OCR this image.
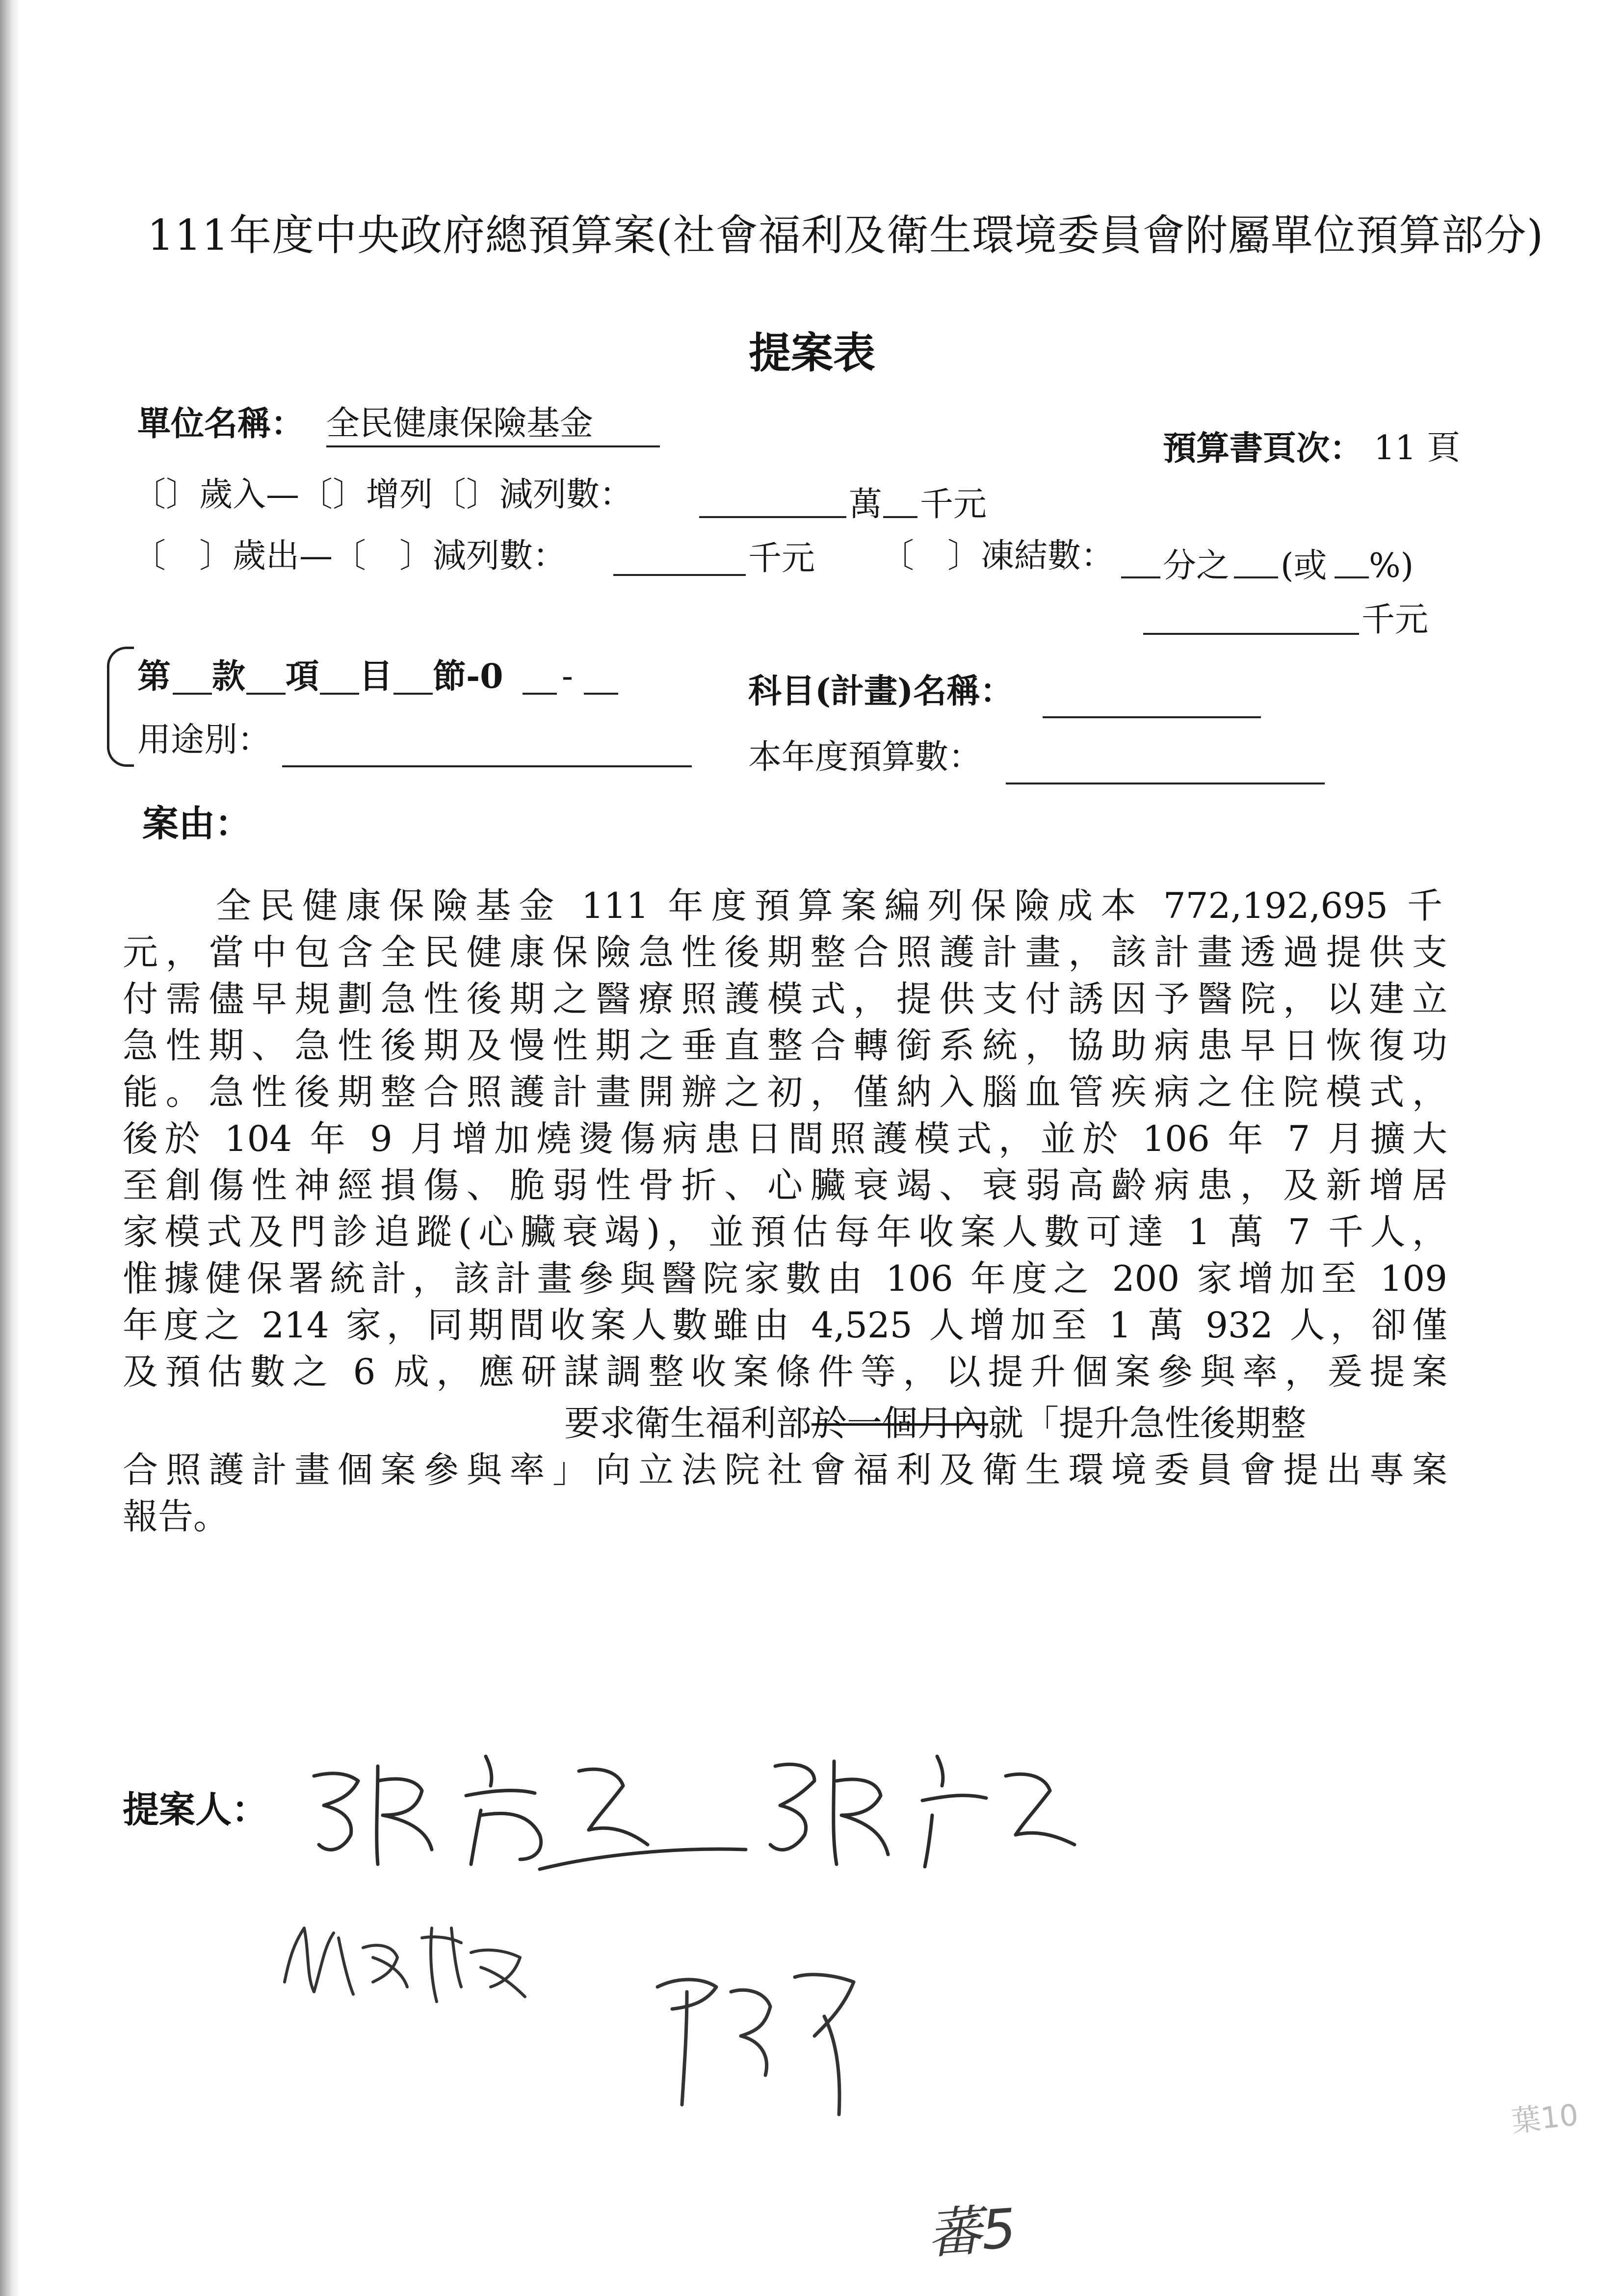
111年度中央政府總預算案(社會福利及衛生環境委員會附屬單位預算部分)
提案表
單位名稱： 全民健康保險基金
預算書頁次： 11 頁
〔〕歲入—〔〕增列〔〕減列數：	萬 千元
〔　〕歲出—〔　〕減列數：	千元 〔　〕凍結數： 分之 (或 %)
千元
第 款 項 目 節-0 -
用途別：
科目(計畫)名稱：
本年度預算數：
案由：
全民健康保險基金 111 年度預算案編列保險成本 772,192,695 千
元，當中包含全民健康保險急性後期整合照護計畫，該計畫透過提供支
付需儘早規劃急性後期之醫療照護模式，提供支付誘因予醫院，以建立
急性期、急性後期及慢性期之垂直整合轉銜系統，協助病患早日恢復功
能。急性後期整合照護計畫開辦之初，僅納入腦血管疾病之住院模式，
後於 104 年 9 月增加燒燙傷病患日間照護模式，並於 106 年 7 月擴大
至創傷性神經損傷、脆弱性骨折、心臟衰竭、衰弱高齡病患，及新增居
家模式及門診追蹤(心臟衰竭)，並預估每年收案人數可達 1 萬 7 千人，
惟據健保署統計，該計畫參與醫院家數由 106 年度之 200 家增加至 109
年度之 214 家，同期間收案人數雖由 4,525 人增加至 1 萬 932 人，卻僅
及預估數之 6 成，應研謀調整收案條件等，以提升個案參與率，爰提案
要求衛生福利部於一個月內就「提升急性後期整
合照護計畫個案參與率」向立法院社會福利及衛生環境委員會提出專案
報告。
提案人：
蕃5
葉10
